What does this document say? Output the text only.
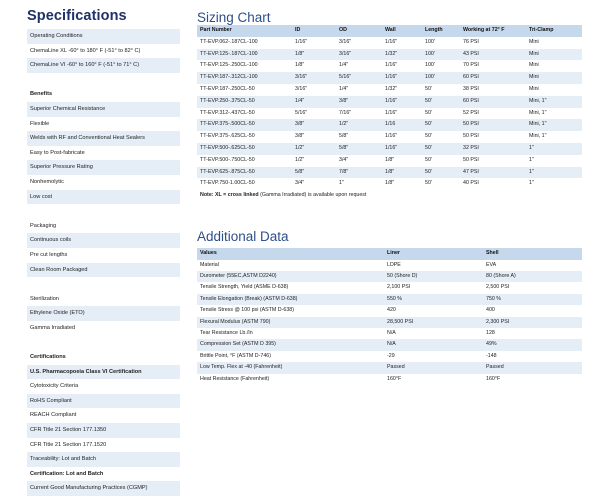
Specifications
Operating Conditions
ChemaLine XL -60° to 180° F (-51° to 82° C)
ChemaLine VI -60° to 160° F (-51° to 71° C)
Benefits
Superior Chemical Resistance
Flexible
Welds with RF and Conventional Heat Sealers
Easy to Post-fabricate
Superior Pressure Rating
Nonhemolytic
Low cost
Packaging
Continuous coils
Pre cut lengths
Clean Room Packaged
Sterilization
Ethylene Oxide (ETO)
Gamma Irradiated
Certifications
U.S. Pharmacopoeia Class VI Certification
Cytotoxicity Criteria
RoHS Compliant
REACH Compliant
CFR Title 21 Section 177.1350
CFR Title 21 Section 177.1520
Traceability: Lot and Batch
Certification: Lot and Batch
Current Good Manufacturing Practices (CGMP)
Sizing Chart
Part Number	ID	OD	Wall	Length	Working at 72° F	Tri-Clamp
TT-EVP.062-.187CL-100	1/16"	3/16"	1/16"	100'	76 PSI	Mini
TT-EVP.125-.187CL-100	1/8"	3/16"	1/32"	100'	43 PSI	Mini
TT-EVP.125-.250CL-100	1/8"	1/4"	1/16"	100'	70 PSI	Mini
TT-EVP.187-.312CL-100	3/16"	5/16"	1/16"	100'	60 PSI	Mini
TT-EVP.187-.250CL-50	3/16"	1/4"	1/32"	50'	38 PSI	Mini
TT-EVP.250-.375CL-50	1/4"	3/8"	1/16"	50'	60 PSI	Mini, 1"
TT-EVP.312-.437CL-50	5/16"	7/16"	1/16"	50'	52 PSI	Mini, 1"
TT-EVP.375-.500CL-50	3/8"	1/2"	1/16	50'	50 PSI	Mini, 1"
TT-EVP.375-.625CL-50	3/8"	5/8"	1/16"	50'	50 PSI	Mini, 1"
TT-EVP.500-.625CL-50	1/2"	5/8"	1/16"	50'	32 PSI	1"
TT-EVP.500-.750CL-50	1/2"	3/4"	1/8"	50'	50 PSI	1"
TT-EVP.625-.875CL-50	5/8"	7/8"	1/8"	50'	47 PSI	1"
TT-EVP.750-1.00CL-50	3/4"	1"	1/8"	50'	40 PSI	1"
Note: XL = cross linked (Gamma Irradiated) is available upon request
Additional Data
Values	Liner	Shell
Material	LDPE	EVA
Durometer (55EC,ASTM D2240)	50 (Shore D)	80 (Shore A)
Tensile Strength, Yield (ASME D-638)	2,100 PSI	2,500 PSI
Tensile Elongation (Break) (ASTM D-638)	550 %	750 %
Tensile Stress @ 100 psi (ASTM D-638)	420	400
Flexural Modulus (ASTM 790)	28,500 PSI	2,300 PSI
Tear Resistance Lb./In	N/A	128
Compression Set (ASTM D 395)	N/A	49%
Brittle Point, °F (ASTM D-746)	-29	-148
Low Temp. Flex at -40 (Fahrenheit)	Passed	Passed
Heat Resistance (Fahrenheit)	160°F	160°F
